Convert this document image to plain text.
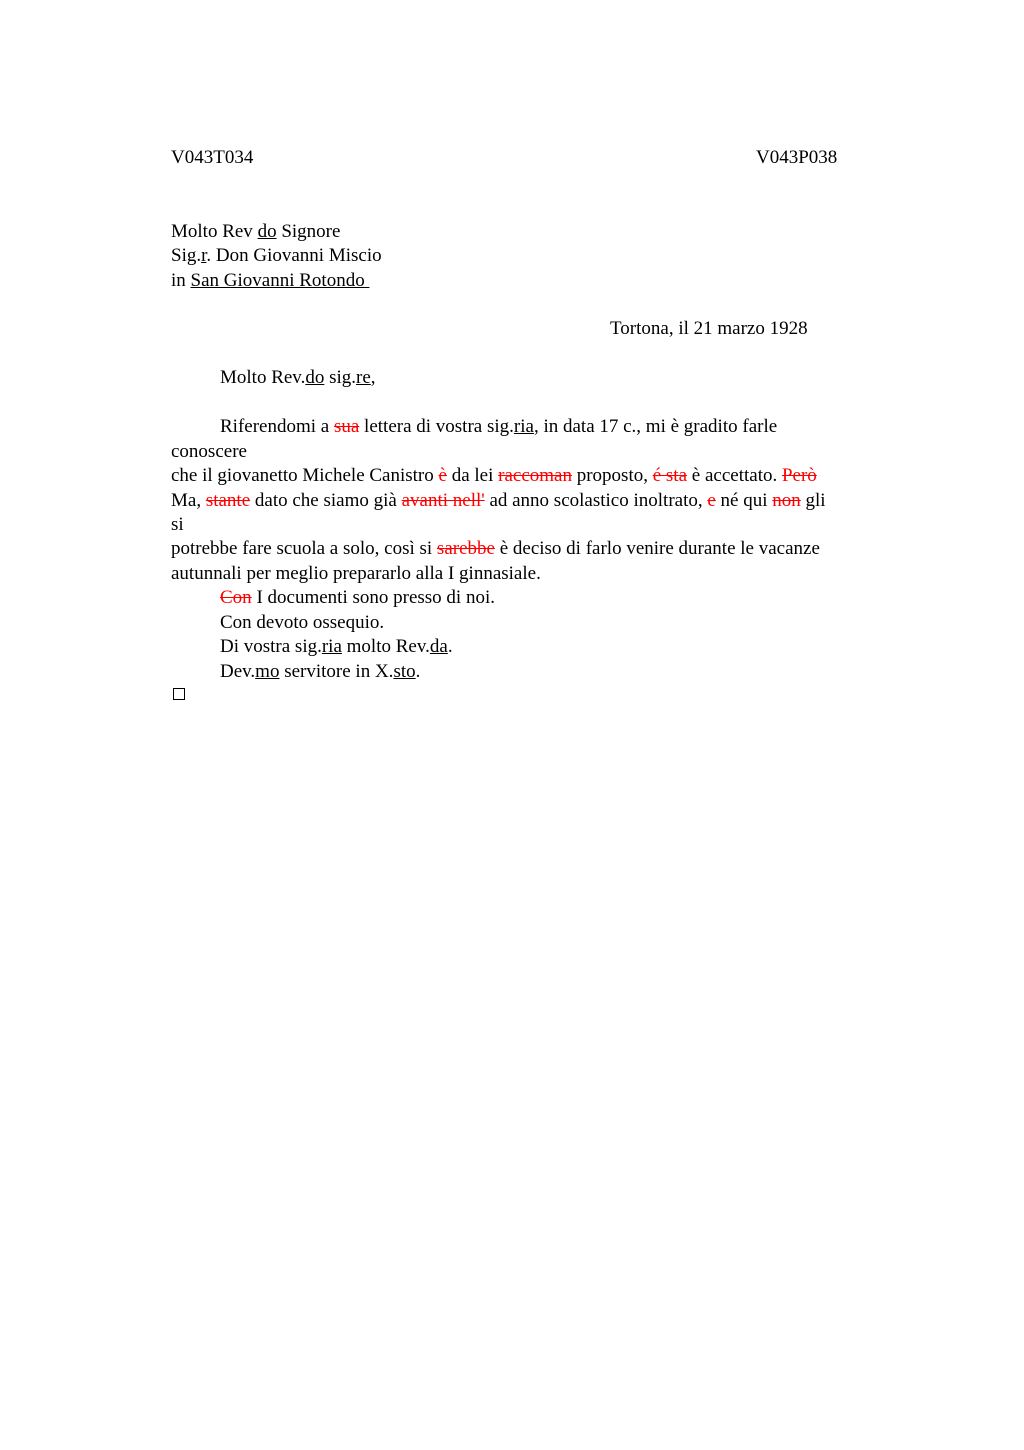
V043T034	V043P038
Molto Rev do Signore
Sig.r. Don Giovanni Miscio
in San Giovanni Rotondo
Tortona, il 21 marzo 1928
Molto Rev.do sig.re,
Riferendomi a sua lettera di vostra sig.ria, in data 17 c., mi è gradito farle
conoscere
che il giovanetto Michele Canistro è da lei raccoman proposto, é sta è accettato. Però
Ma, stante dato che siamo già avanti nell' ad anno scolastico inoltrato, e né qui non gli
si
potrebbe fare scuola a solo, così si sarebbe è deciso di farlo venire durante le vacanze
autunnali per meglio prepararlo alla I ginnasiale.
Con I documenti sono presso di noi.
Con devoto ossequio.
Di vostra sig.ria molto Rev.da.
Dev.mo servitore in X.sto.
